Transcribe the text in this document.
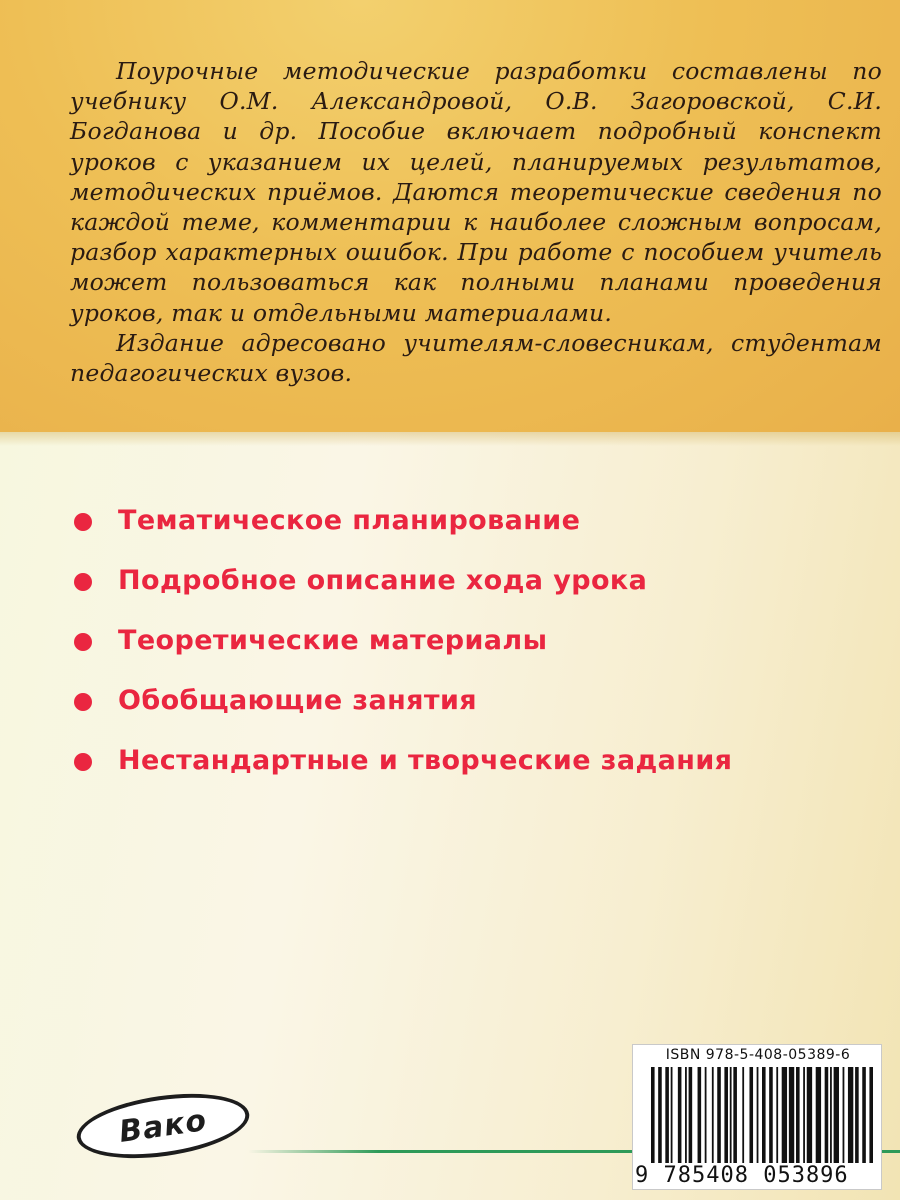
Поурочные методические разработки составлены по учебнику О.М. Александровой, О.В. Загоровской, С.И. Богданова и др. Пособие включает подробный конспект уроков с указанием их целей, планируемых результатов, методических приёмов. Даются теоретические сведения по каждой теме, комментарии к наиболее сложным вопросам, разбор характерных ошибок. При работе с пособием учитель может пользоваться как полными планами проведения уроков, так и отдельными материалами.

Издание адресовано учителям-словесникам, студентам педагогических вузов.

Тематическое планирование
Подробное описание хода урока
Теоретические материалы
Обобщающие занятия
Нестандартные и творческие задания
Вако
ISBN 978-5-408-05389-6
9 785408 053896
